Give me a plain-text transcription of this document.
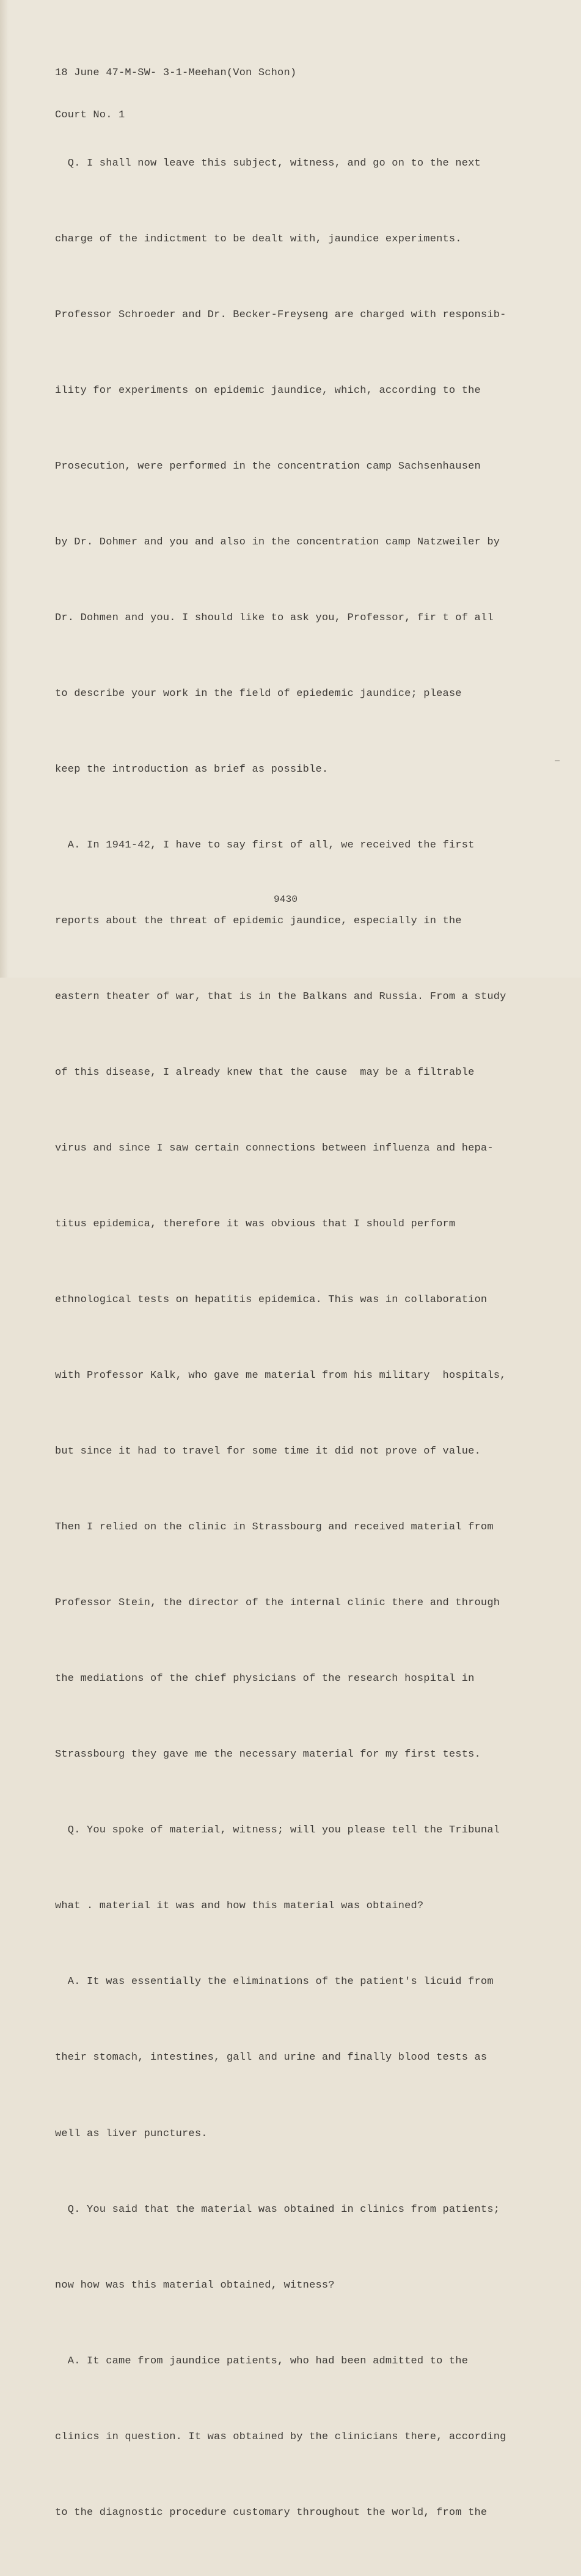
18 June 47-M-SW- 3-1-Meehan(Von Schon)

Court No. 1

Q. I shall now leave this subject, witness, and go on to the next

charge of the indictment to be dealt with, jaundice experiments.

Professor Schroeder and Dr. Becker-Freyseng are charged with responsib-

ility for experiments on epidemic jaundice, which, according to the

Prosecution, were performed in the concentration camp Sachsenhausen

by Dr. Dohmer and you and also in the concentration camp Natzweiler by

Dr. Dohmen and you. I should like to ask you, Professor, fir t of all

to describe your work in the field of epiedemic jaundice; please

keep the introduction as brief as possible.

A. In 1941-42, I have to say first of all, we received the first

reports about the threat of epidemic jaundice, especially in the

eastern theater of war, that is in the Balkans and Russia. From a study

of this disease, I already knew that the cause  may be a filtrable

virus and since I saw certain connections between influenza and hepa-

titus epidemica, therefore it was obvious that I should perform

ethnological tests on hepatitis epidemica. This was in collaboration

with Professor Kalk, who gave me material from his military  hospitals,

but since it had to travel for some time it did not prove of value.

Then I relied on the clinic in Strassbourg and received material from

Professor Stein, the director of the internal clinic there and through

the mediations of the chief physicians of the research hospital in

Strassbourg they gave me the necessary material for my first tests.

Q. You spoke of material, witness; will you please tell the Tribunal

what . material it was and how this material was obtained?

A. It was essentially the eliminations of the patient's licuid from

their stomach, intestines, gall and urine and finally blood tests as

well as liver punctures.

Q. You said that the material was obtained in clinics from patients;

now how was this material obtained, witness?

A. It came from jaundice patients, who had been admitted to the

clinics in question. It was obtained by the clinicians there, according

to the diagnostic procedure customary throughout the world, from the

9430
